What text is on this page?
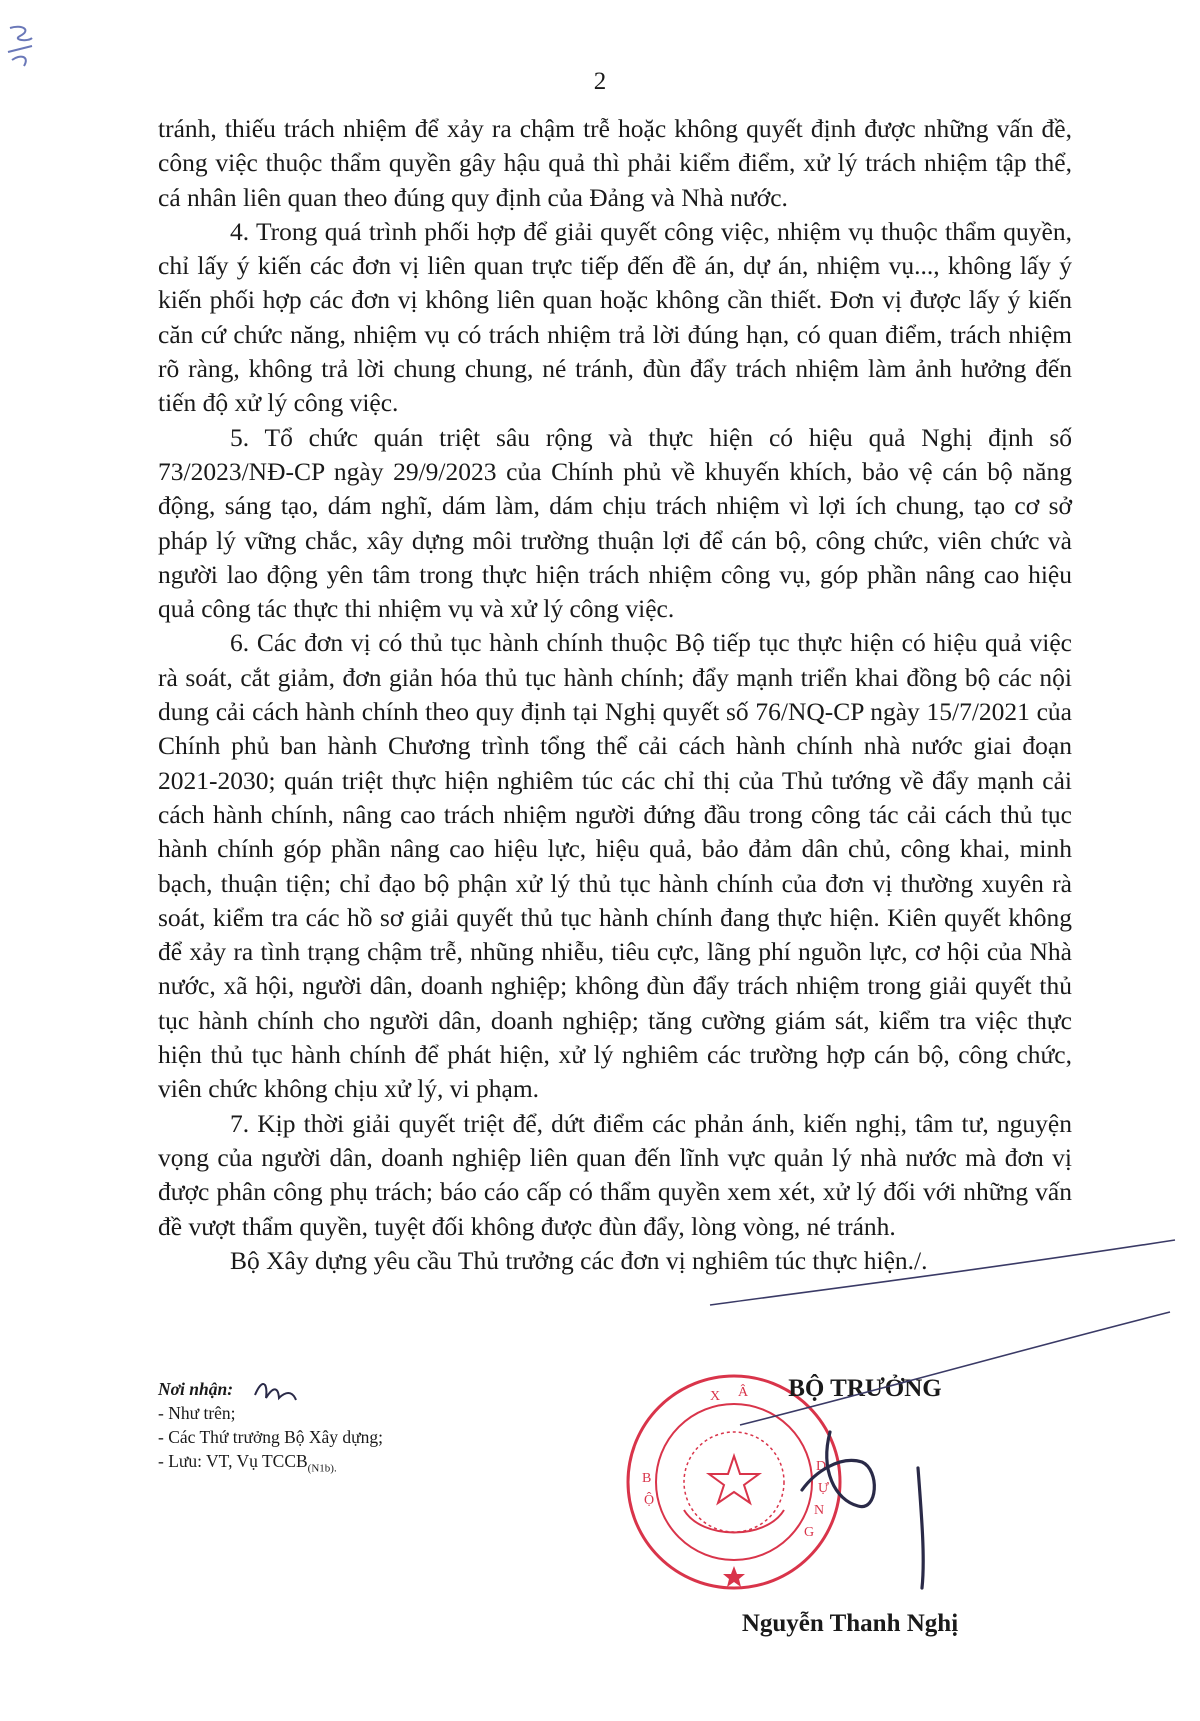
2

tránh, thiếu trách nhiệm để xảy ra chậm trễ hoặc không quyết định được những vấn đề, công việc thuộc thẩm quyền gây hậu quả thì phải kiểm điểm, xử lý trách nhiệm tập thể, cá nhân liên quan theo đúng quy định của Đảng và Nhà nước.

4. Trong quá trình phối hợp để giải quyết công việc, nhiệm vụ thuộc thẩm quyền, chỉ lấy ý kiến các đơn vị liên quan trực tiếp đến đề án, dự án, nhiệm vụ..., không lấy ý kiến phối hợp các đơn vị không liên quan hoặc không cần thiết. Đơn vị được lấy ý kiến căn cứ chức năng, nhiệm vụ có trách nhiệm trả lời đúng hạn, có quan điểm, trách nhiệm rõ ràng, không trả lời chung chung, né tránh, đùn đẩy trách nhiệm làm ảnh hưởng đến tiến độ xử lý công việc.

5. Tổ chức quán triệt sâu rộng và thực hiện có hiệu quả Nghị định số 73/2023/NĐ-CP ngày 29/9/2023 của Chính phủ về khuyến khích, bảo vệ cán bộ năng động, sáng tạo, dám nghĩ, dám làm, dám chịu trách nhiệm vì lợi ích chung, tạo cơ sở pháp lý vững chắc, xây dựng môi trường thuận lợi để cán bộ, công chức, viên chức và người lao động yên tâm trong thực hiện trách nhiệm công vụ, góp phần nâng cao hiệu quả công tác thực thi nhiệm vụ và xử lý công việc.

6. Các đơn vị có thủ tục hành chính thuộc Bộ tiếp tục thực hiện có hiệu quả việc rà soát, cắt giảm, đơn giản hóa thủ tục hành chính; đẩy mạnh triển khai đồng bộ các nội dung cải cách hành chính theo quy định tại Nghị quyết số 76/NQ-CP ngày 15/7/2021 của Chính phủ ban hành Chương trình tổng thể cải cách hành chính nhà nước giai đoạn 2021-2030; quán triệt thực hiện nghiêm túc các chỉ thị của Thủ tướng về đẩy mạnh cải cách hành chính, nâng cao trách nhiệm người đứng đầu trong công tác cải cách thủ tục hành chính góp phần nâng cao hiệu lực, hiệu quả, bảo đảm dân chủ, công khai, minh bạch, thuận tiện; chỉ đạo bộ phận xử lý thủ tục hành chính của đơn vị thường xuyên rà soát, kiểm tra các hồ sơ giải quyết thủ tục hành chính đang thực hiện. Kiên quyết không để xảy ra tình trạng chậm trễ, nhũng nhiễu, tiêu cực, lãng phí nguồn lực, cơ hội của Nhà nước, xã hội, người dân, doanh nghiệp; không đùn đẩy trách nhiệm trong giải quyết thủ tục hành chính cho người dân, doanh nghiệp; tăng cường giám sát, kiểm tra việc thực hiện thủ tục hành chính để phát hiện, xử lý nghiêm các trường hợp cán bộ, công chức, viên chức không chịu xử lý, vi phạm.

7. Kịp thời giải quyết triệt để, dứt điểm các phản ánh, kiến nghị, tâm tư, nguyện vọng của người dân, doanh nghiệp liên quan đến lĩnh vực quản lý nhà nước mà đơn vị được phân công phụ trách; báo cáo cấp có thẩm quyền xem xét, xử lý đối với những vấn đề vượt thẩm quyền, tuyệt đối không được đùn đẩy, lòng vòng, né tránh.

Bộ Xây dựng yêu cầu Thủ trưởng các đơn vị nghiêm túc thực hiện./.

Nơi nhận:
- Như trên;
- Các Thứ trưởng Bộ Xây dựng;
- Lưu: VT, Vụ $TCCB_{(N1b).}$
X Â
B
Ộ
D
Ự
N
G
BỘ TRƯỞNG
Nguyễn Thanh Nghị
